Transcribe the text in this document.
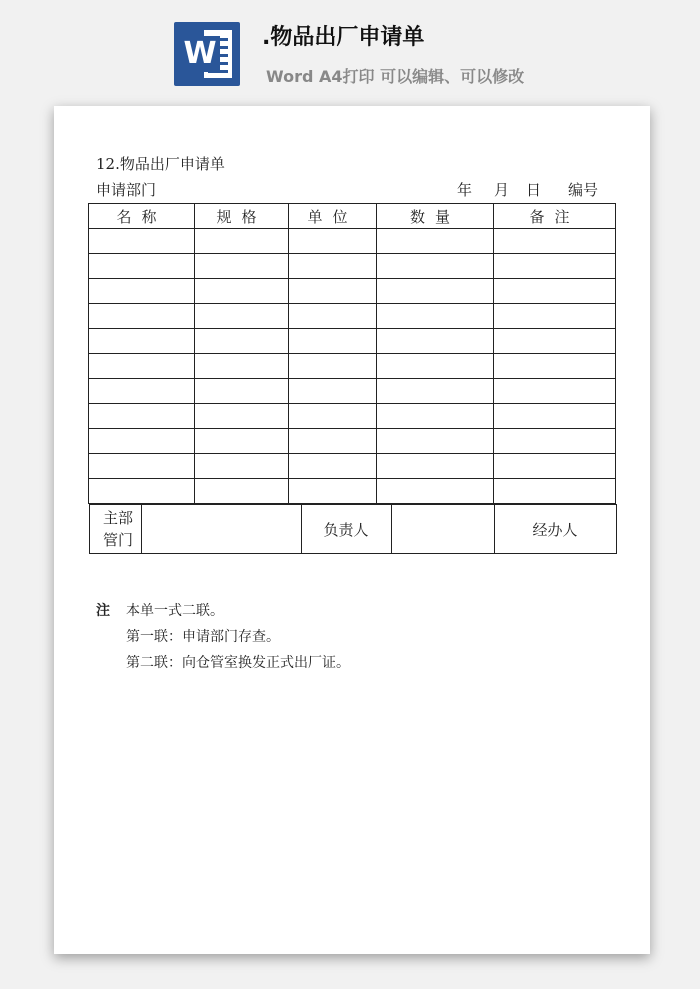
W .物品出厂申请单
Word A4打印 可以编辑、可以修改
12.物品出厂申请单
申请部门	年 月 日 编号
名称	规格	单位	数量	备注

主部
管门
		负责人		经办人
注 本单一式二联。
第一联：申请部门存查。
第二联：向仓管室换发正式出厂证。
